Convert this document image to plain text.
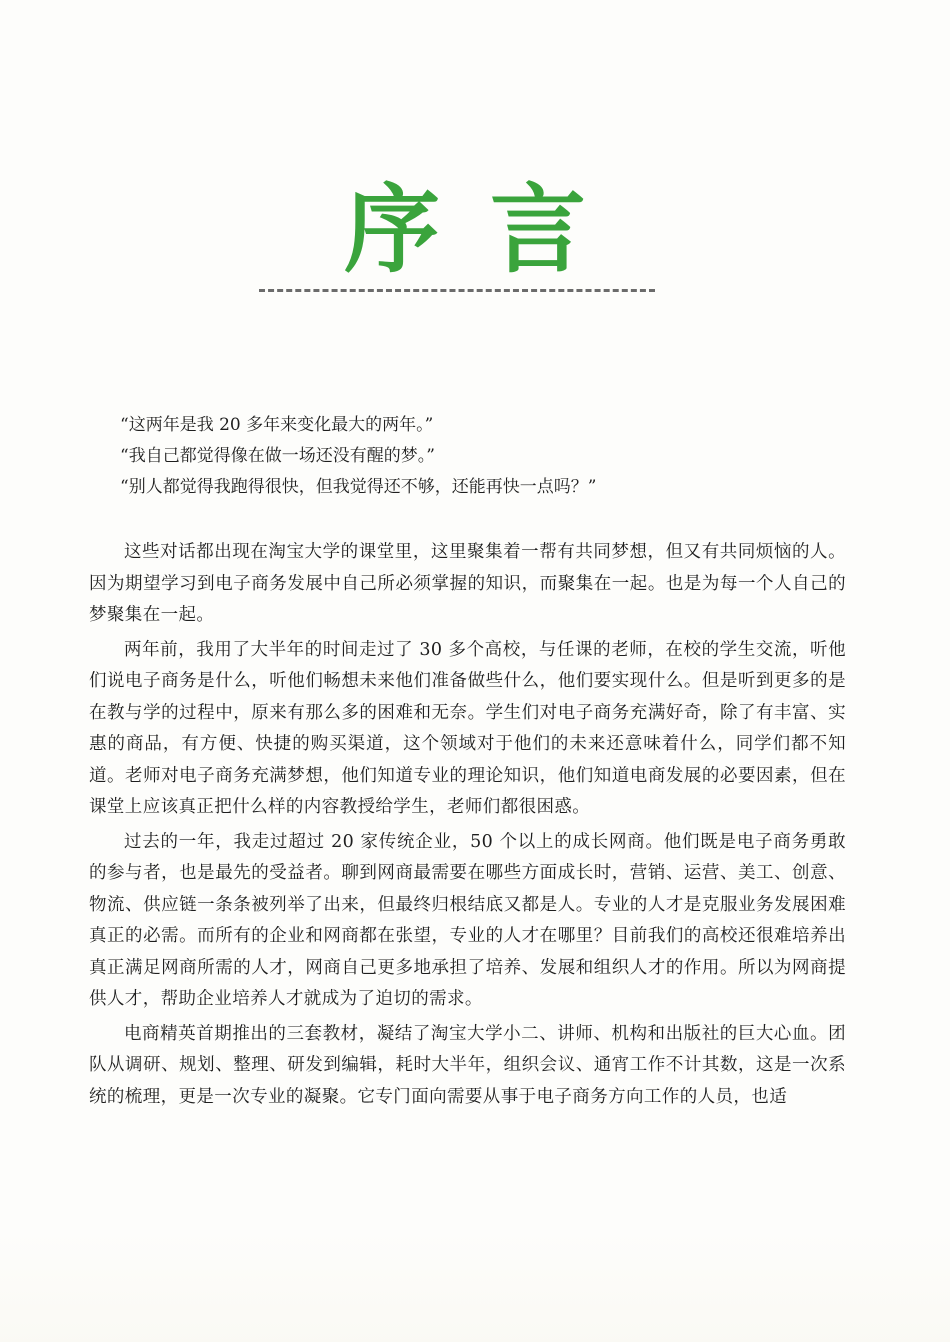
序言

“这两年是我 20 多年来变化最大的两年。”

“我自己都觉得像在做一场还没有醒的梦。”

“别人都觉得我跑得很快，但我觉得还不够，还能再快一点吗？”

这些对话都出现在淘宝大学的课堂里，这里聚集着一帮有共同梦想，但又有共同烦恼的人。因为期望学习到电子商务发展中自己所必须掌握的知识，而聚集在一起。也是为每一个人自己的梦聚集在一起。

两年前，我用了大半年的时间走过了 30 多个高校，与任课的老师，在校的学生交流，听他们说电子商务是什么，听他们畅想未来他们准备做些什么，他们要实现什么。但是听到更多的是在教与学的过程中，原来有那么多的困难和无奈。学生们对电子商务充满好奇，除了有丰富、实惠的商品，有方便、快捷的购买渠道，这个领域对于他们的未来还意味着什么，同学们都不知道。老师对电子商务充满梦想，他们知道专业的理论知识，他们知道电商发展的必要因素，但在课堂上应该真正把什么样的内容教授给学生，老师们都很困惑。

过去的一年，我走过超过 20 家传统企业，50 个以上的成长网商。他们既是电子商务勇敢的参与者，也是最先的受益者。聊到网商最需要在哪些方面成长时，营销、运营、美工、创意、物流、供应链一条条被列举了出来，但最终归根结底又都是人。专业的人才是克服业务发展困难真正的必需。而所有的企业和网商都在张望，专业的人才在哪里？目前我们的高校还很难培养出真正满足网商所需的人才，网商自己更多地承担了培养、发展和组织人才的作用。所以为网商提供人才，帮助企业培养人才就成为了迫切的需求。

电商精英首期推出的三套教材，凝结了淘宝大学小二、讲师、机构和出版社的巨大心血。团队从调研、规划、整理、研发到编辑，耗时大半年，组织会议、通宵工作不计其数，这是一次系统的梳理，更是一次专业的凝聚。它专门面向需要从事于电子商务方向工作的人员，也适
